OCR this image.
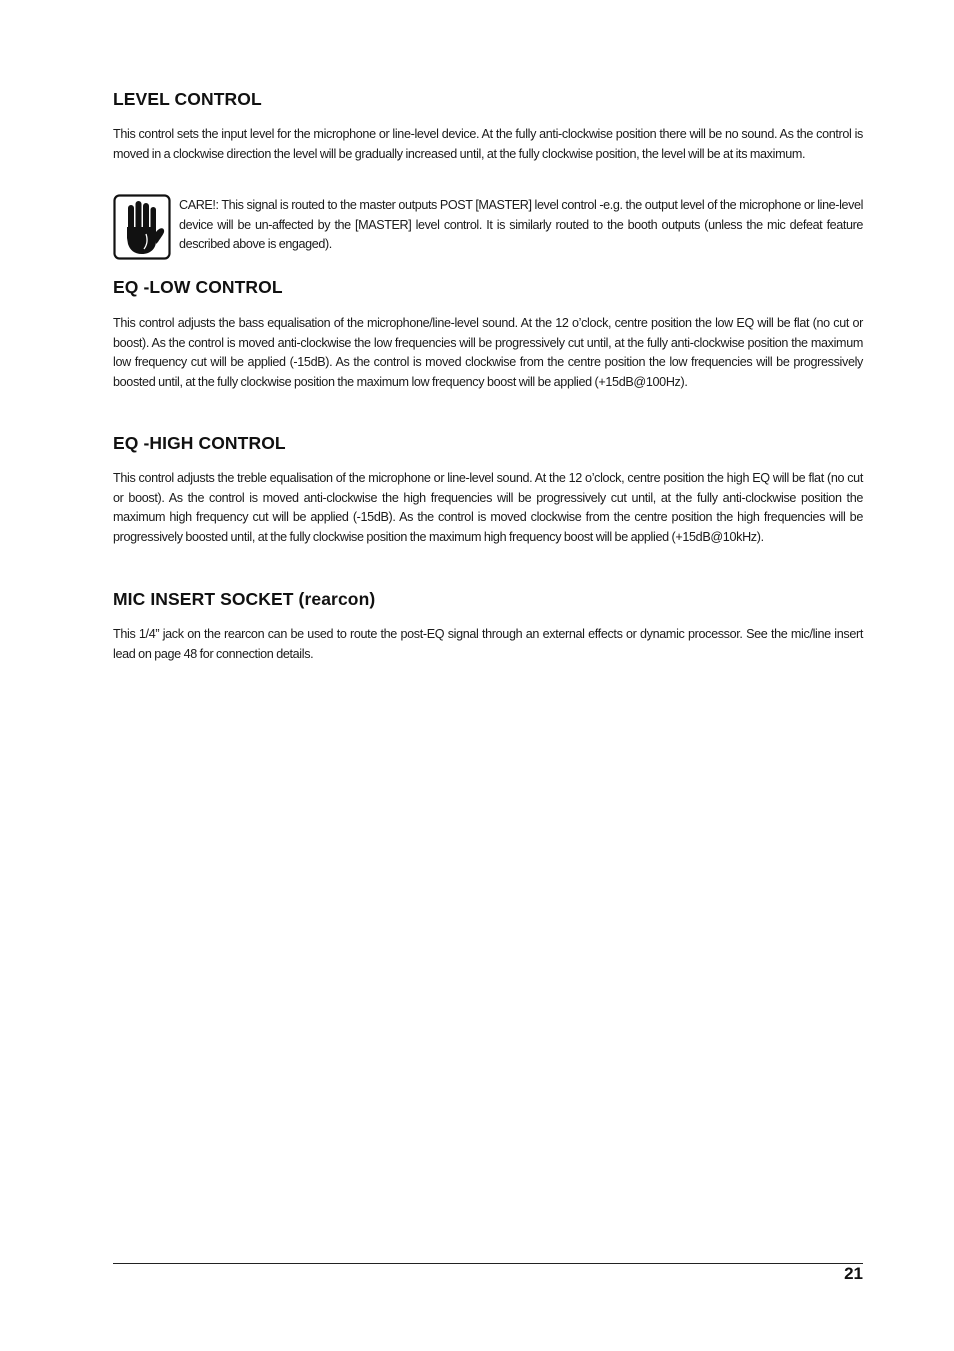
LEVEL CONTROL

This control sets the input level for the microphone or line-level device. At the fully anti-clockwise position there will be no sound. As the control is moved in a clockwise direction the level will be gradually increased until, at the fully clockwise position, the level will be at its maximum.

CARE!: This signal is routed to the master outputs POST [MASTER] level control -e.g. the output level of the microphone or line-level device will be un-affected by the [MASTER] level control. It is similarly routed to the booth outputs (unless the mic defeat feature described above is engaged).

EQ -LOW CONTROL

This control adjusts the bass equalisation of the microphone/line-level sound. At the 12 o’clock, centre position the low EQ will be flat (no cut or boost). As the control is moved anti-clockwise the low frequencies will be progressively cut until, at the fully anti-clockwise position the maximum low frequency cut will be applied (-15dB). As the control is moved clockwise from the centre position the low frequencies will be progressively boosted until, at the fully clockwise position the maximum low frequency boost will be applied (+15dB@100Hz).

EQ -HIGH CONTROL

This control adjusts the treble equalisation of the microphone or line-level sound. At the 12 o’clock, centre position the high EQ will be flat (no cut or boost). As the control is moved anti-clockwise the high frequencies will be progressively cut until, at the fully anti-clockwise position the maximum high frequency cut will be applied (-15dB). As the control is moved clockwise from the centre position the high frequencies will be progressively boosted until, at the fully clockwise position the maximum high frequency boost will be applied (+15dB@10kHz).

MIC INSERT SOCKET (rearcon)

This 1/4” jack on the rearcon can be used to route the post-EQ signal through an external effects or dynamic processor. See the mic/line insert lead on page 48 for connection details.

21
